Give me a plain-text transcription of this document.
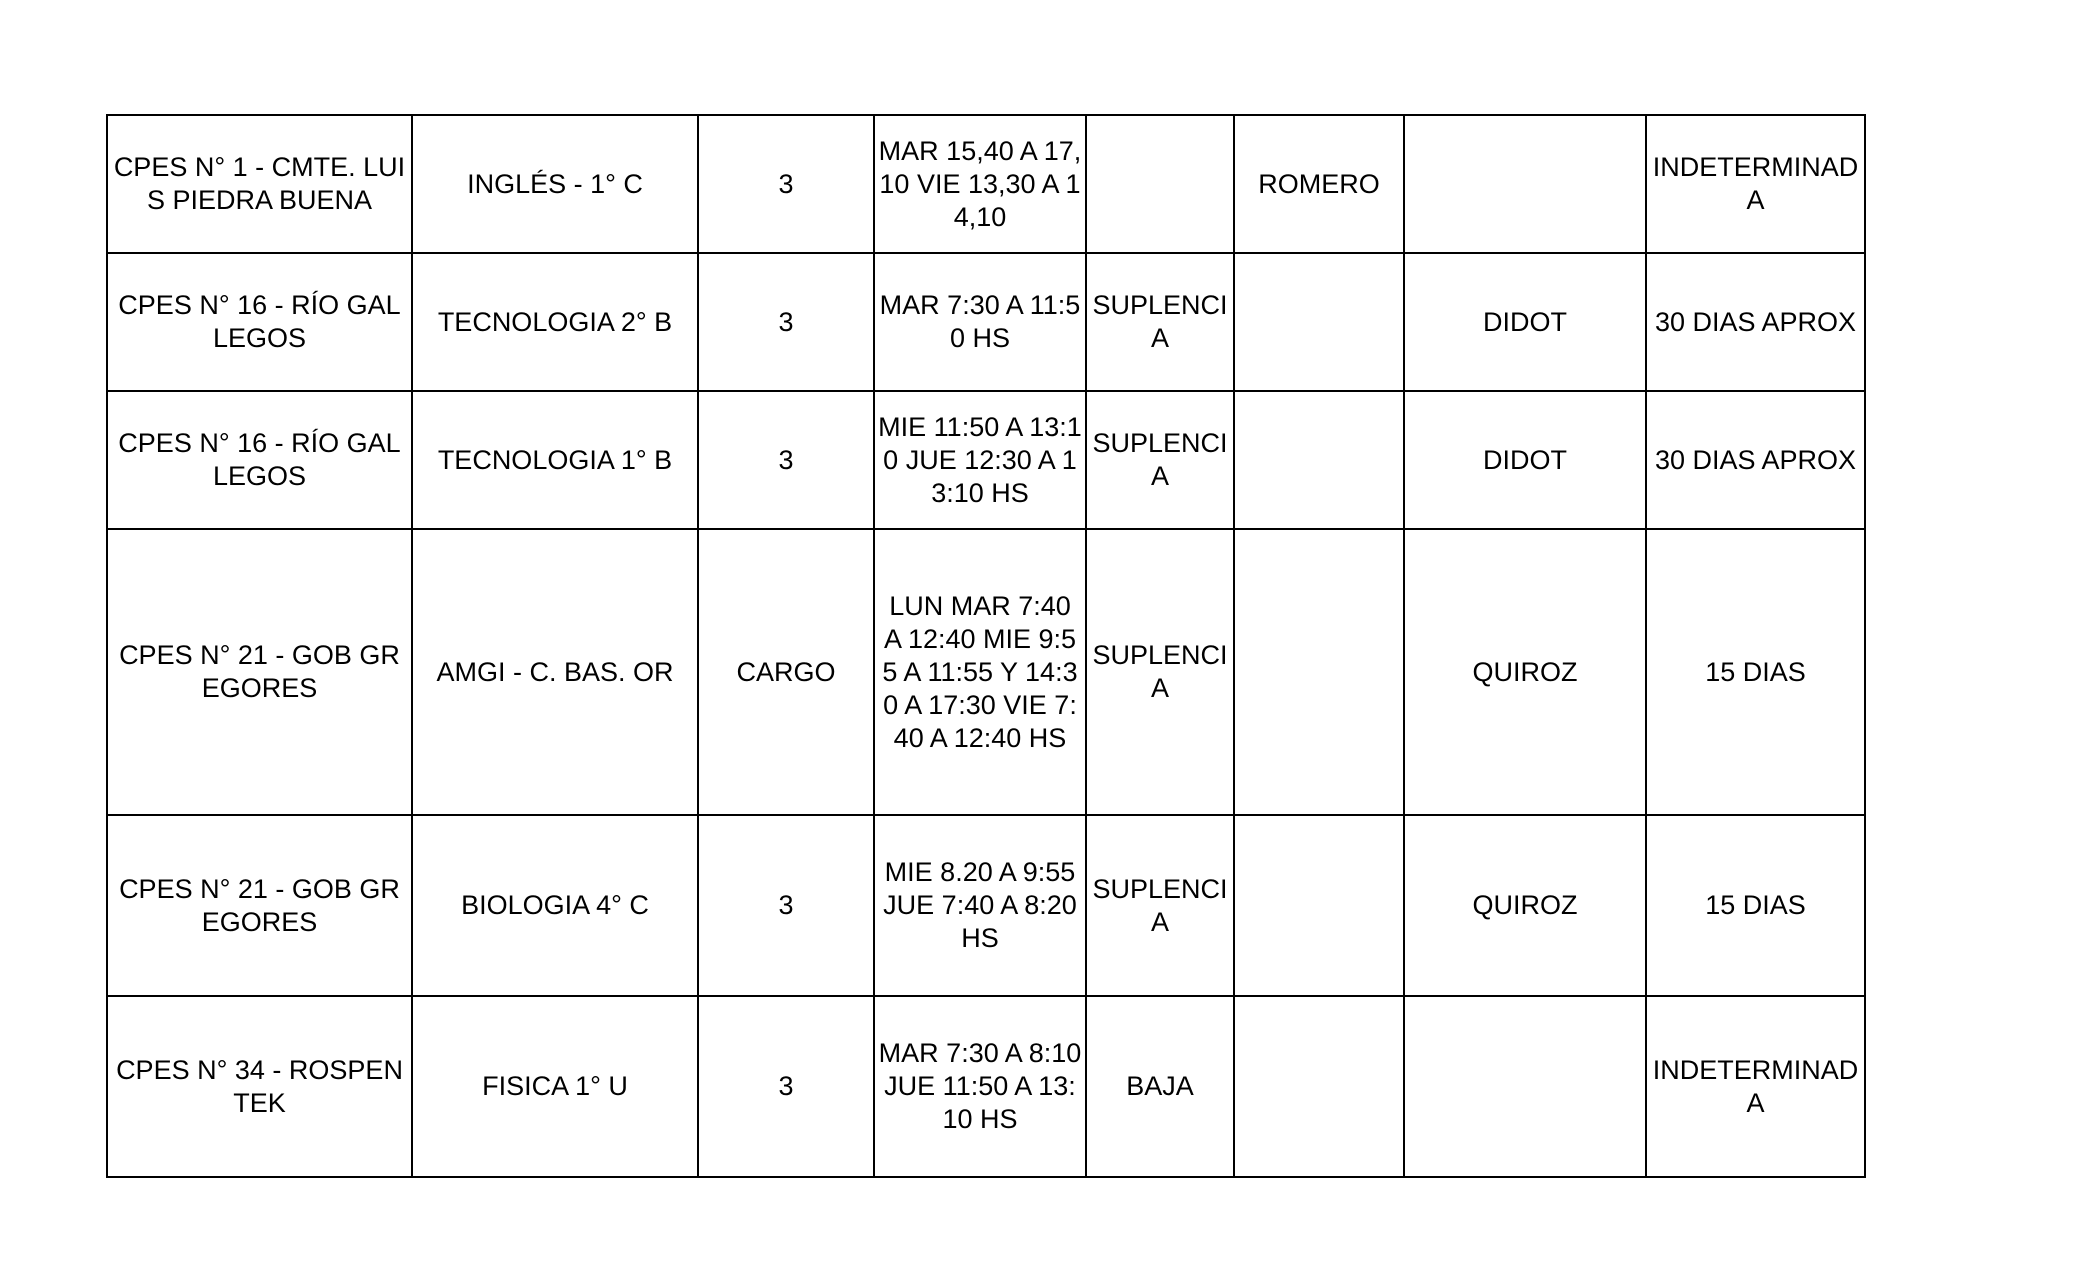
CPES N° 1 - CMTE. LUIS PIEDRA BUENA	INGLÉS - 1° C	3	MAR 15,40 A 17,10 VIE 13,30 A 14,10		ROMERO		INDETERMINADA
CPES N° 16 - RÍO GALLEGOS	TECNOLOGIA 2° B	3	MAR 7:30 A 11:50 HS	SUPLENCIA		DIDOT	30 DIAS APROX
CPES N° 16 - RÍO GALLEGOS	TECNOLOGIA 1° B	3	MIE 11:50 A 13:10 JUE 12:30 A 13:10 HS	SUPLENCIA		DIDOT	30 DIAS APROX
CPES N° 21 - GOB GREGORES	AMGI - C. BAS. OR	CARGO	LUN MAR 7:40 A 12:40 MIE 9:55 A 11:55 Y 14:30 A 17:30 VIE 7:40 A 12:40 HS	SUPLENCIA		QUIROZ	15 DIAS
CPES N° 21 - GOB GREGORES	BIOLOGIA 4° C	3	MIE 8.20 A 9:55 JUE 7:40 A 8:20 HS	SUPLENCIA		QUIROZ	15 DIAS
CPES N° 34 - ROSPENTEK	FISICA 1° U	3	MAR 7:30 A 8:10 JUE 11:50 A 13:10 HS	BAJA			INDETERMINADA
